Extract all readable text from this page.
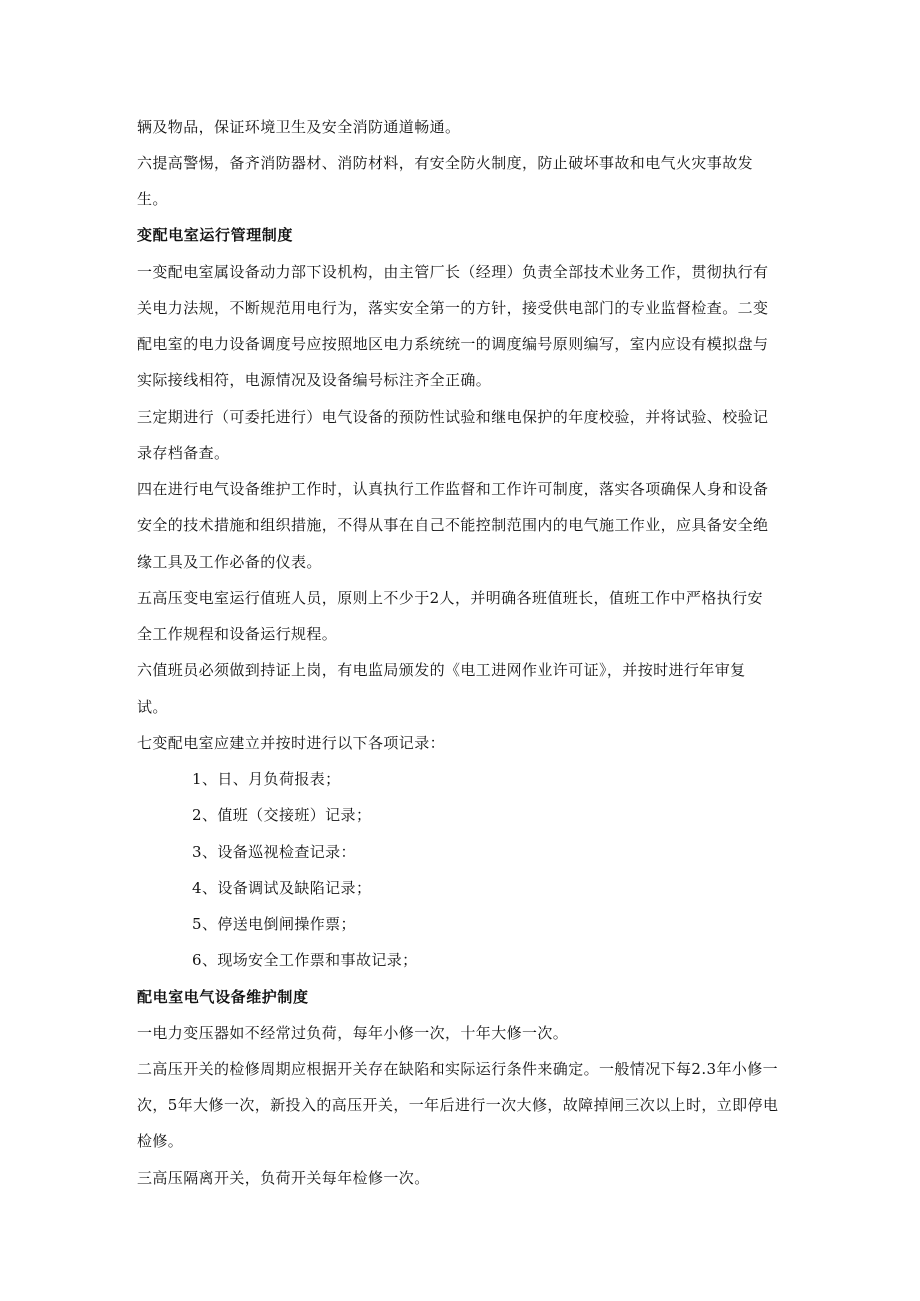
辆及物品，保证环境卫生及安全消防通道畅通。
六提高警惕，备齐消防器材、消防材料，有安全防火制度，防止破坏事故和电气火灾事故发
生。
变配电室运行管理制度
一变配电室属设备动力部下设机构，由主管厂长（经理）负责全部技术业务工作，贯彻执行有
关电力法规，不断规范用电行为，落实安全第一的方针，接受供电部门的专业监督检查。二变
配电室的电力设备调度号应按照地区电力系统统一的调度编号原则编写，室内应设有模拟盘与
实际接线相符，电源情况及设备编号标注齐全正确。
三定期进行（可委托进行）电气设备的预防性试验和继电保护的年度校验，并将试验、校验记
录存档备查。
四在进行电气设备维护工作时，认真执行工作监督和工作许可制度，落实各项确保人身和设备
安全的技术措施和组织措施，不得从事在自己不能控制范围内的电气施工作业，应具备安全绝
缘工具及工作必备的仪表。
五高压变电室运行值班人员，原则上不少于2人，并明确各班值班长，值班工作中严格执行安
全工作规程和设备运行规程。
六值班员必须做到持证上岗，有电监局颁发的《电工进网作业许可证》，并按时进行年审复
试。
七变配电室应建立并按时进行以下各项记录：
1、日、月负荷报表；
2、值班（交接班）记录；
3、设备巡视检查记录：
4、设备调试及缺陷记录；
5、停送电倒闸操作票；
6、现场安全工作票和事故记录；
配电室电气设备维护制度
一电力变压器如不经常过负荷，每年小修一次，十年大修一次。
二高压开关的检修周期应根据开关存在缺陷和实际运行条件来确定。一般情况下每2.3年小修一
次，5年大修一次，新投入的高压开关，一年后进行一次大修，故障掉闸三次以上时，立即停电
检修。
三高压隔离开关，负荷开关每年检修一次。
